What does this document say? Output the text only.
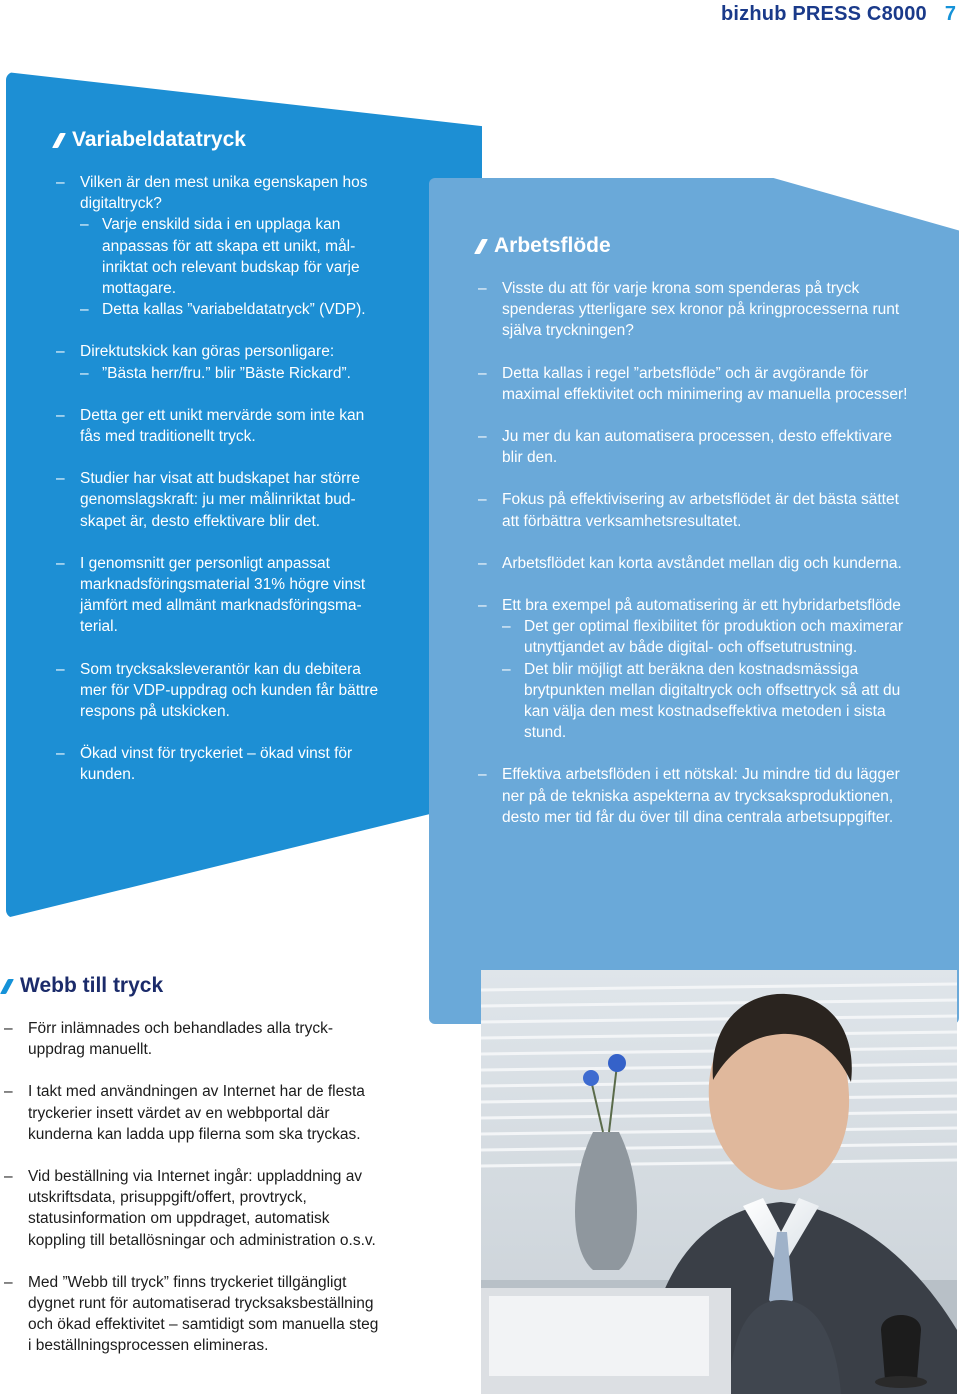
bizhub PRESS C8000 7
Variabeldatatryck
– Vilken är den mest unika egenskapen hos digitaltryck?
– Varje enskild sida i en upplaga kan anpassas för att skapa ett unikt, målinriktat och relevant budskap för varje mottagare.
– Detta kallas ”variabeldatatryck” (VDP).
– Direktutskick kan göras personligare:
– ”Bästa herr/fru.” blir ”Bäste Rickard”.
– Detta ger ett unikt mervärde som inte kan fås med traditionellt tryck.
– Studier har visat att budskapet har större genomslagskraft: ju mer målinriktat budskapet är, desto effektivare blir det.
– I genomsnitt ger personligt anpassat marknadsföringsmaterial 31% högre vinst jämfört med allmänt marknadsföringsmaterial.
– Som trycksaksleverantör kan du debitera mer för VDP-uppdrag och kunden får bättre respons på utskicken.
– Ökad vinst för tryckeriet – ökad vinst för kunden.
Arbetsflöde
– Visste du att för varje krona som spenderas på tryck spenderas ytterligare sex kronor på kringprocesserna runt själva tryckningen?
– Detta kallas i regel ”arbetsflöde” och är avgörande för maximal effektivitet och minimering av manuella processer!
– Ju mer du kan automatisera processen, desto effektivare blir den.
– Fokus på effektivisering av arbetsflödet är det bästa sättet att förbättra verksamhetsresultatet.
– Arbetsflödet kan korta avståndet mellan dig och kunderna.
– Ett bra exempel på automatisering är ett hybridarbetsflöde
– Det ger optimal flexibilitet för produktion och maximerar utnyttjandet av både digital- och offsetutrustning.
– Det blir möjligt att beräkna den kostnadsmässiga brytpunkten mellan digitaltryck och offsettryck så att du kan välja den mest kostnadseffektiva metoden i sista stund.
– Effektiva arbetsflöden i ett nötskal: Ju mindre tid du lägger ner på de tekniska aspekterna av trycksaksproduktionen, desto mer tid får du över till dina centrala arbetsuppgifter.
Webb till tryck
– Förr inlämnades och behandlades alla tryckuppdrag manuellt.
– I takt med användningen av Internet har de flesta tryckerier insett värdet av en webbportal där kunderna kan ladda upp filerna som ska tryckas.
– Vid beställning via Internet ingår: uppladdning av utskriftsdata, prisuppgift/offert, provtryck, statusinformation om uppdraget, automatisk koppling till betallösningar och administration o.s.v.
– Med ”Webb till tryck” finns tryckeriet tillgängligt dygnet runt för automatiserad trycksaksbeställning och ökad effektivitet – samtidigt som manuella steg i beställningsprocessen elimineras.
